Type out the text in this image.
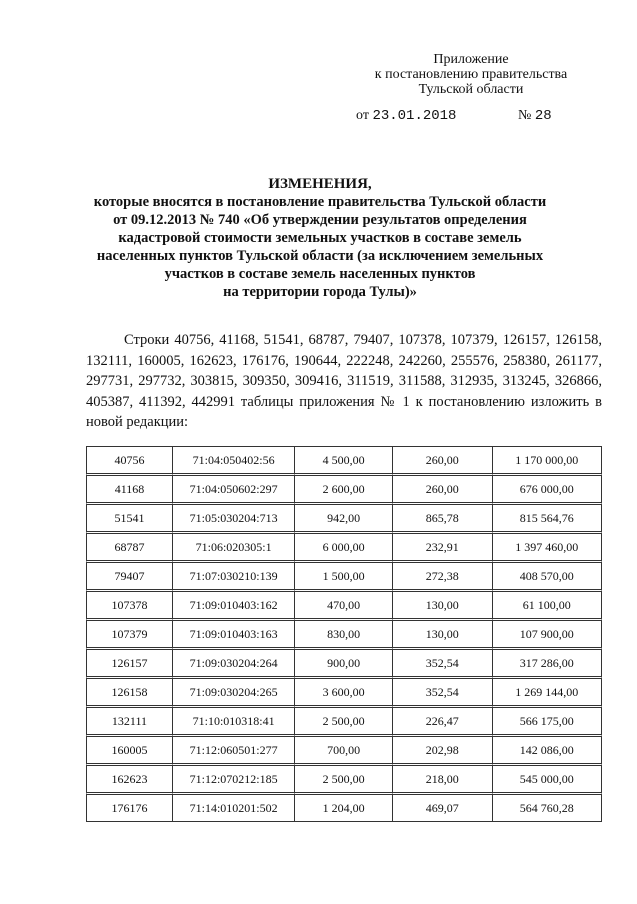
Приложение
к постановлению правительства
Тульской области
от 23.01.2018	№ 28
ИЗМЕНЕНИЯ,
которые вносятся в постановление правительства Тульской области
от 09.12.2013 № 740 «Об утверждении результатов определения
кадастровой стоимости земельных участков в составе земель
населенных пунктов Тульской области (за исключением земельных
участков в составе земель населенных пунктов
на территории города Тулы)»
Строки 40756, 41168, 51541, 68787, 79407, 107378, 107379, 126157, 126158, 132111, 160005, 162623, 176176, 190644, 222248, 242260, 255576, 258380, 261177, 297731, 297732, 303815, 309350, 309416, 311519, 311588, 312935, 313245, 326866, 405387, 411392, 442991 таблицы приложения № 1 к постановлению изложить в новой редакции:
40756	71:04:050402:56	4 500,00	260,00	1 170 000,00
41168	71:04:050602:297	2 600,00	260,00	676 000,00
51541	71:05:030204:713	942,00	865,78	815 564,76
68787	71:06:020305:1	6 000,00	232,91	1 397 460,00
79407	71:07:030210:139	1 500,00	272,38	408 570,00
107378	71:09:010403:162	470,00	130,00	61 100,00
107379	71:09:010403:163	830,00	130,00	107 900,00
126157	71:09:030204:264	900,00	352,54	317 286,00
126158	71:09:030204:265	3 600,00	352,54	1 269 144,00
132111	71:10:010318:41	2 500,00	226,47	566 175,00
160005	71:12:060501:277	700,00	202,98	142 086,00
162623	71:12:070212:185	2 500,00	218,00	545 000,00
176176	71:14:010201:502	1 204,00	469,07	564 760,28
